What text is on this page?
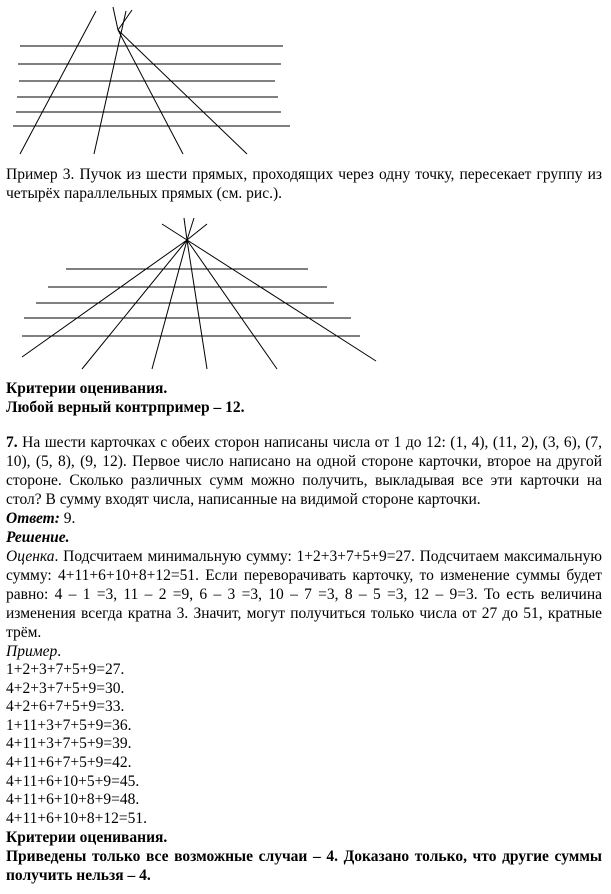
Пример 3. Пучок из шести прямых, проходящих через одну точку, пересекает группу из четырёх параллельных прямых (см. рис.).

Критерии оценивания.

Любой верный контрпример – 12.

7. На шести карточках с обеих сторон написаны числа от 1 до 12: (1, 4), (11, 2), (3, 6), (7, 10), (5, 8), (9, 12). Первое число написано на одной стороне карточки, второе на другой стороне. Сколько различных сумм можно получить, выкладывая все эти карточки на стол? В сумму входят числа, написанные на видимой стороне карточки.

Ответ: 9.

Решение.

Оценка. Подсчитаем минимальную сумму: 1+2+3+7+5+9=27. Подсчитаем максимальную сумму: 4+11+6+10+8+12=51. Если переворачивать карточку, то изменение суммы будет равно: 4 – 1 =3, 11 – 2 =9, 6 – 3 =3, 10 – 7 =3, 8 – 5 =3, 12 – 9=3. То есть величина изменения всегда кратна 3. Значит, могут получиться только числа от 27 до 51, кратные трём.

Пример.

1+2+3+7+5+9=27.

4+2+3+7+5+9=30.

4+2+6+7+5+9=33.

1+11+3+7+5+9=36.

4+11+3+7+5+9=39.

4+11+6+7+5+9=42.

4+11+6+10+5+9=45.

4+11+6+10+8+9=48.

4+11+6+10+8+12=51.

Критерии оценивания.

Приведены только все возможные случаи – 4. Доказано только, что другие суммы получить нельзя – 4.
